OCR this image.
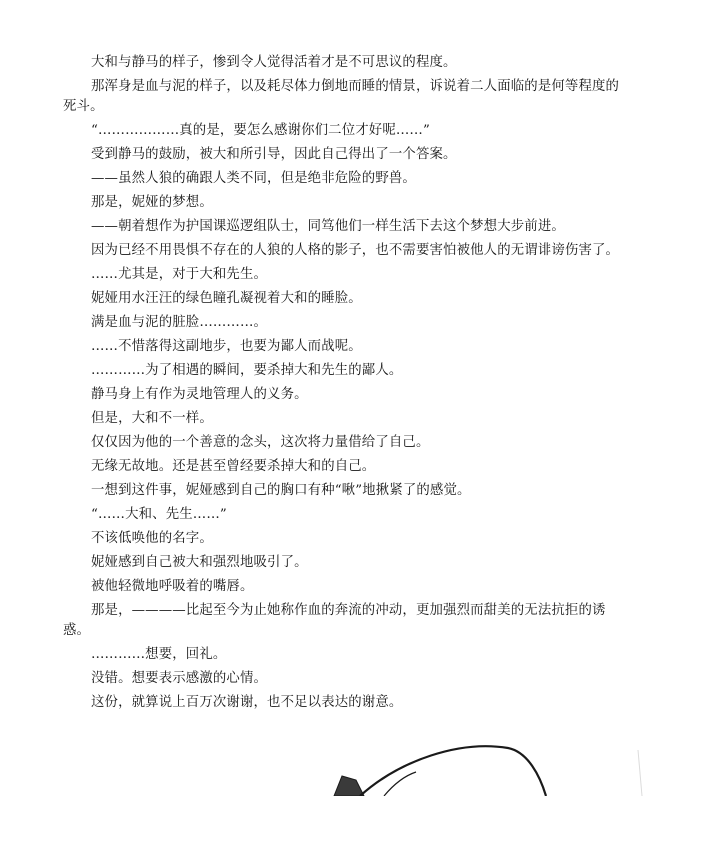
大和与静马的样子，惨到令人觉得活着才是不可思议的程度。

那浑身是血与泥的样子，以及耗尽体力倒地而睡的情景，诉说着二人面临的是何等程度的死斗。

“………………真的是，要怎么感谢你们二位才好呢……”

受到静马的鼓励，被大和所引导，因此自己得出了一个答案。

——虽然人狼的确跟人类不同，但是绝非危险的野兽。

那是，妮娅的梦想。

——朝着想作为护国课巡逻组队士，同笃他们一样生活下去这个梦想大步前进。

因为已经不用畏惧不存在的人狼的人格的影子，也不需要害怕被他人的无谓诽谤伤害了。

……尤其是，对于大和先生。

妮娅用水汪汪的绿色瞳孔凝视着大和的睡脸。

满是血与泥的脏脸…………。

……不惜落得这副地步，也要为鄙人而战呢。

…………为了相遇的瞬间，要杀掉大和先生的鄙人。

静马身上有作为灵地管理人的义务。

但是，大和不一样。

仅仅因为他的一个善意的念头，这次将力量借给了自己。

无缘无故地。还是甚至曾经要杀掉大和的自己。

一想到这件事，妮娅感到自己的胸口有种“啾”地揪紧了的感觉。

“……大和、先生……”

不该低唤他的名字。

妮娅感到自己被大和强烈地吸引了。

被他轻微地呼吸着的嘴唇。

那是，————比起至今为止她称作血的奔流的冲动，更加强烈而甜美的无法抗拒的诱惑。

…………想要，回礼。

没错。想要表示感激的心情。

这份，就算说上百万次谢谢，也不足以表达的谢意。
